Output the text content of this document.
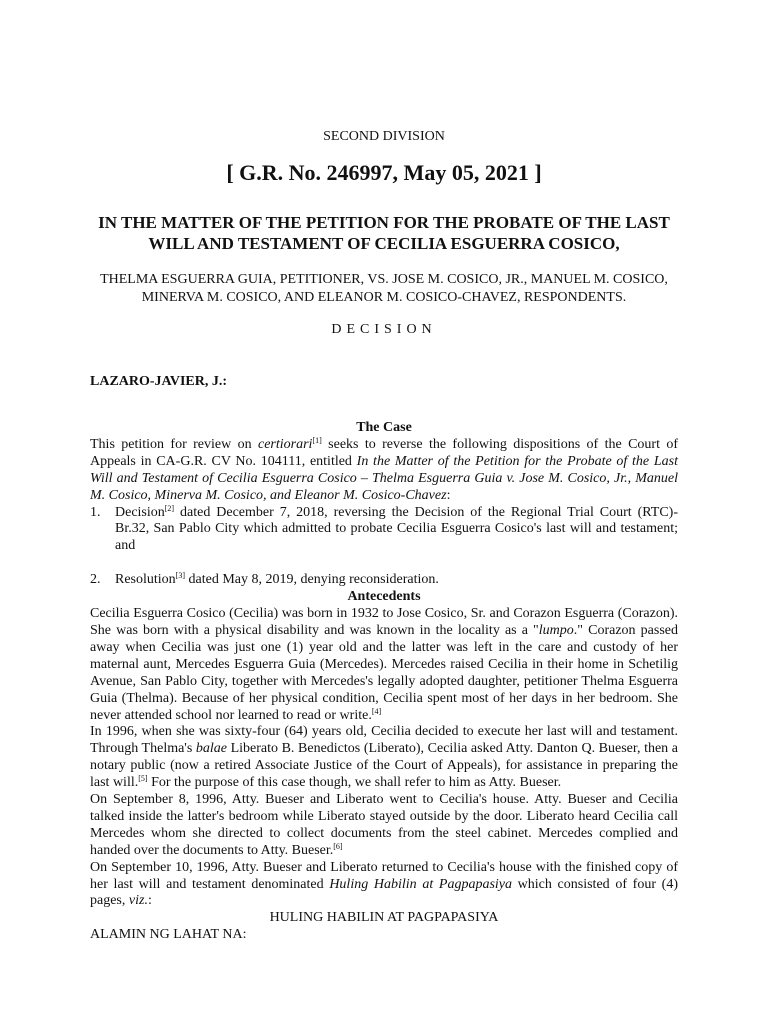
SECOND DIVISION
[ G.R. No. 246997, May 05, 2021 ]
IN THE MATTER OF THE PETITION FOR THE PROBATE OF THE LAST WILL AND TESTAMENT OF CECILIA ESGUERRA COSICO,
THELMA ESGUERRA GUIA, PETITIONER, VS. JOSE M. COSICO, JR., MANUEL M. COSICO, MINERVA M. COSICO, AND ELEANOR M. COSICO-CHAVEZ, RESPONDENTS.
DECISION
LAZARO-JAVIER, J.:

The Case

This petition for review on certiorari[1] seeks to reverse the following dispositions of the Court of Appeals in CA-G.R. CV No. 104111, entitled In the Matter of the Petition for the Probate of the Last Will and Testament of Cecilia Esguerra Cosico – Thelma Esguerra Guia v. Jose M. Cosico, Jr., Manuel M. Cosico, Minerva M. Cosico, and Eleanor M. Cosico-Chavez:

1.	Decision[2] dated December 7, 2018, reversing the Decision of the Regional Trial Court (RTC)-Br.32, San Pablo City which admitted to probate Cecilia Esguerra Cosico's last will and testament; and
2.	Resolution[3] dated May 8, 2019, denying reconsideration.

Antecedents

Cecilia Esguerra Cosico (Cecilia) was born in 1932 to Jose Cosico, Sr. and Corazon Esguerra (Corazon). She was born with a physical disability and was known in the locality as a "lumpo." Corazon passed away when Cecilia was just one (1) year old and the latter was left in the care and custody of her maternal aunt, Mercedes Esguerra Guia (Mercedes). Mercedes raised Cecilia in their home in Schetilig Avenue, San Pablo City, together with Mercedes's legally adopted daughter, petitioner Thelma Esguerra Guia (Thelma). Because of her physical condition, Cecilia spent most of her days in her bedroom. She never attended school nor learned to read or write.[4]

In 1996, when she was sixty-four (64) years old, Cecilia decided to execute her last will and testament. Through Thelma's balae Liberato B. Benedictos (Liberato), Cecilia asked Atty. Danton Q. Bueser, then a notary public (now a retired Associate Justice of the Court of Appeals), for assistance in preparing the last will.[5] For the purpose of this case though, we shall refer to him as Atty. Bueser.

On September 8, 1996, Atty. Bueser and Liberato went to Cecilia's house. Atty. Bueser and Cecilia talked inside the latter's bedroom while Liberato stayed outside by the door. Liberato heard Cecilia call Mercedes whom she directed to collect documents from the steel cabinet. Mercedes complied and handed over the documents to Atty. Bueser.[6]

On September 10, 1996, Atty. Bueser and Liberato returned to Cecilia's house with the finished copy of her last will and testament denominated Huling Habilin at Pagpapasiya which consisted of four (4) pages, viz.:

HULING HABILIN AT PAGPAPASIYA

ALAMIN NG LAHAT NA:
